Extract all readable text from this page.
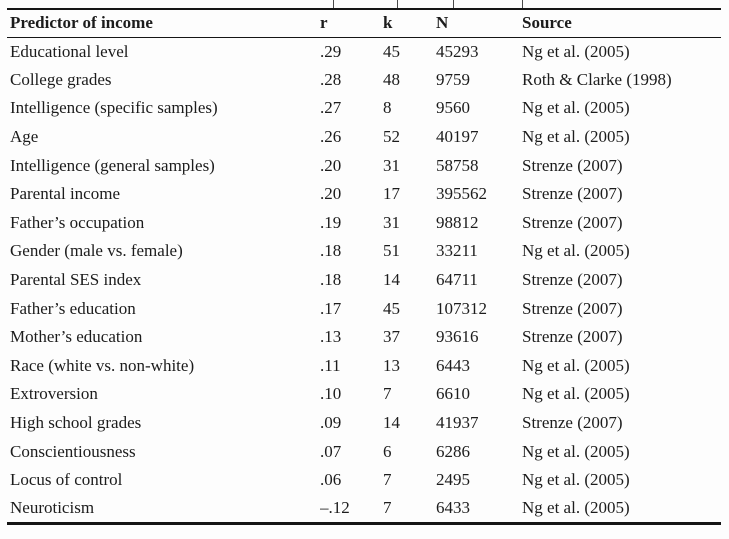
Predictor of income	r	k	N	Source
Educational level	.29	45	45293	Ng et al. (2005)
College grades	.28	48	9759	Roth & Clarke (1998)
Intelligence (specific samples)	.27	8	9560	Ng et al. (2005)
Age	.26	52	40197	Ng et al. (2005)
Intelligence (general samples)	.20	31	58758	Strenze (2007)
Parental income	.20	17	395562	Strenze (2007)
Father’s occupation	.19	31	98812	Strenze (2007)
Gender (male vs. female)	.18	51	33211	Ng et al. (2005)
Parental SES index	.18	14	64711	Strenze (2007)
Father’s education	.17	45	107312	Strenze (2007)
Mother’s education	.13	37	93616	Strenze (2007)
Race (white vs. non-white)	.11	13	6443	Ng et al. (2005)
Extroversion	.10	7	6610	Ng et al. (2005)
High school grades	.09	14	41937	Strenze (2007)
Conscientiousness	.07	6	6286	Ng et al. (2005)
Locus of control	.06	7	2495	Ng et al. (2005)
Neuroticism	–.12	7	6433	Ng et al. (2005)
